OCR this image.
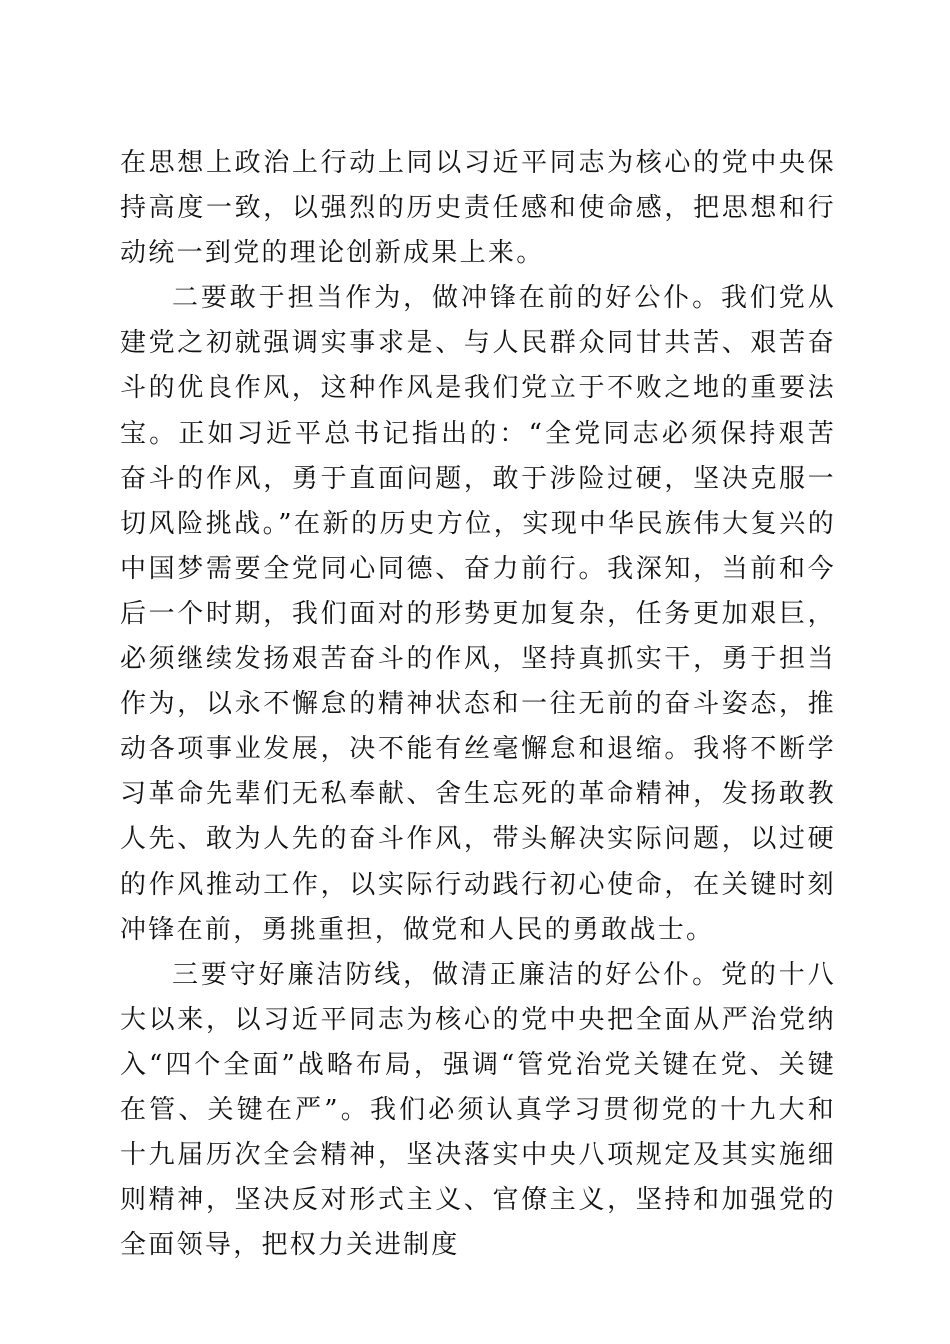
在思想上政治上行动上同以习近平同志为核心的党中央保持高度一致，以强烈的历史责任感和使命感，把思想和行动统一到党的理论创新成果上来。

二要敢于担当作为，做冲锋在前的好公仆。我们党从建党之初就强调实事求是、与人民群众同甘共苦、艰苦奋斗的优良作风，这种作风是我们党立于不败之地的重要法宝。正如习近平总书记指出的：“全党同志必须保持艰苦奋斗的作风，勇于直面问题，敢于涉险过硬，坚决克服一切风险挑战。”在新的历史方位，实现中华民族伟大复兴的中国梦需要全党同心同德、奋力前行。我深知，当前和今后一个时期，我们面对的形势更加复杂，任务更加艰巨，必须继续发扬艰苦奋斗的作风，坚持真抓实干，勇于担当作为，以永不懈怠的精神状态和一往无前的奋斗姿态，推动各项事业发展，决不能有丝毫懈怠和退缩。我将不断学习革命先辈们无私奉献、舍生忘死的革命精神，发扬敢教人先、敢为人先的奋斗作风，带头解决实际问题，以过硬的作风推动工作，以实际行动践行初心使命，在关键时刻冲锋在前，勇挑重担，做党和人民的勇敢战士。

三要守好廉洁防线，做清正廉洁的好公仆。党的十八大以来，以习近平同志为核心的党中央把全面从严治党纳入“四个全面”战略布局，强调“管党治党关键在党、关键在管、关键在严”。我们必须认真学习贯彻党的十九大和十九届历次全会精神，坚决落实中央八项规定及其实施细则精神，坚决反对形式主义、官僚主义，坚持和加强党的全面领导，把权力关进制度
